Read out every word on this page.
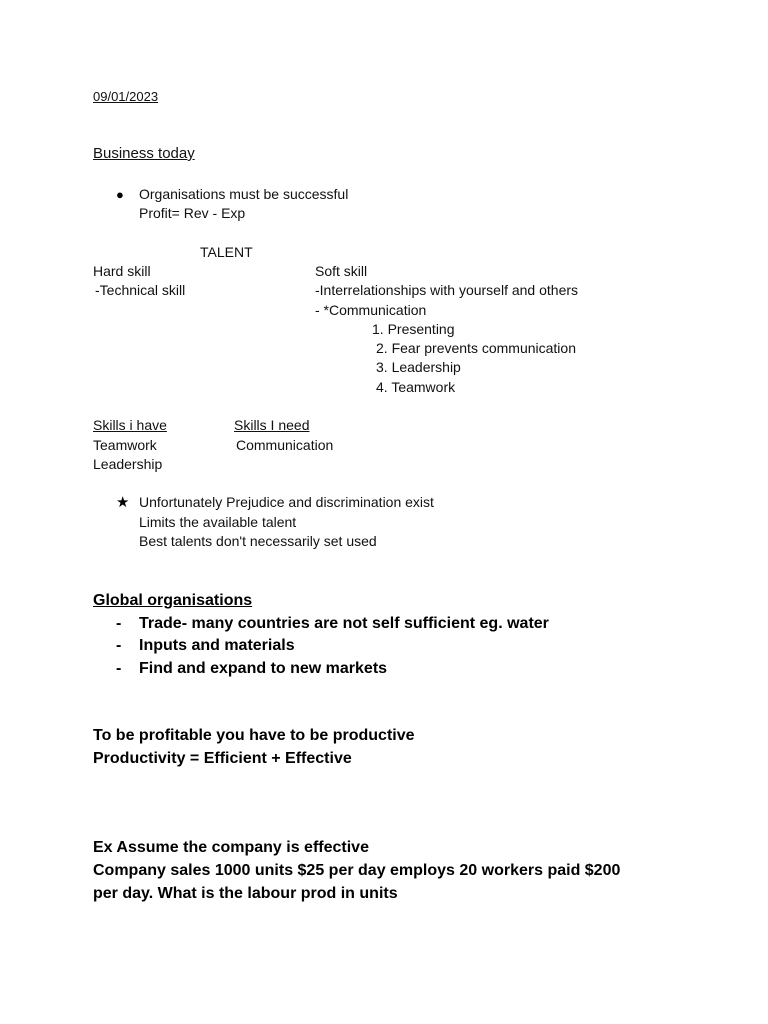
09/01/2023
Business today
● Organisations must be successful
Profit= Rev - Exp
TALENT
Hard skill	Soft skill
-Technical skill	-Interrelationships with yourself and others
- *Communication
1. Presenting
2. Fear prevents communication
3. Leadership
4. Teamwork
Skills i have	Skills I need
Teamwork	Communication
Leadership
★ Unfortunately Prejudice and discrimination exist
Limits the available talent
Best talents don't necessarily set used
Global organisations
- Trade- many countries are not self sufficient eg. water
- Inputs and materials
- Find and expand to new markets
To be profitable you have to be productive
Productivity = Efficient + Effective
Ex Assume the company is effective
Company sales 1000 units $25 per day employs 20 workers paid $200
per day. What is the labour prod in units
